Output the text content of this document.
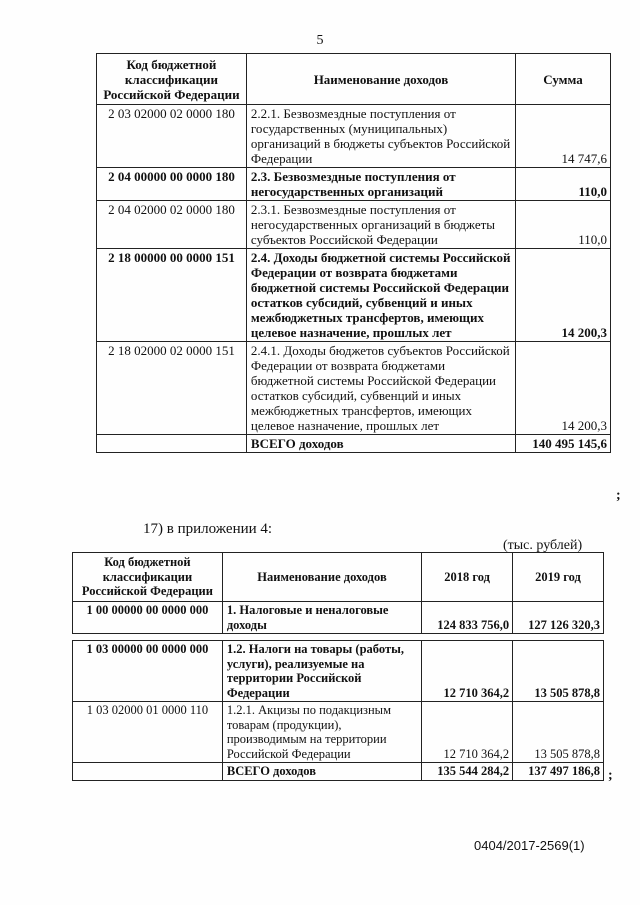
5
Код бюджетной классификации Российской Федерации	Наименование доходов	Сумма
2 03 02000 02 0000 180	2.2.1. Безвозмездные поступления от государственных (муниципальных) организаций в бюджеты субъектов Российской Федерации	14 747,6
2 04 00000 00 0000 180	2.3. Безвозмездные поступления от негосударственных организаций	110,0
2 04 02000 02 0000 180	2.3.1. Безвозмездные поступления от негосударственных организаций в бюджеты субъектов Российской Федерации	110,0
2 18 00000 00 0000 151	2.4. Доходы бюджетной системы Российской Федерации от возврата бюджетами бюджетной системы Российской Федерации остатков субсидий, субвенций и иных межбюджетных трансфертов, имеющих целевое назначение, прошлых лет	14 200,3
2 18 02000 02 0000 151	2.4.1. Доходы бюджетов субъектов Российской Федерации от возврата бюджетами бюджетной системы Российской Федерации остатков субсидий, субвенций и иных межбюджетных трансфертов, имеющих целевое назначение, прошлых лет	14 200,3
	ВСЕГО доходов	140 495 145,6
;
17) в приложении 4:
(тыс. рублей)
Код бюджетной классификации Российской Федерации	Наименование доходов	2018 год	2019 год
1 00 00000 00 0000 000	1. Налоговые и неналоговые доходы	124 833 756,0	127 126 320,3

1 03 00000 00 0000 000	1.2. Налоги на товары (работы, услуги), реализуемые на территории Российской Федерации	12 710 364,2	13 505 878,8
1 03 02000 01 0000 110	1.2.1. Акцизы по подакцизным товарам (продукции), производимым на территории Российской Федерации	12 710 364,2	13 505 878,8
	ВСЕГО доходов	135 544 284,2	137 497 186,8 ;
0404/2017-2569(1)
